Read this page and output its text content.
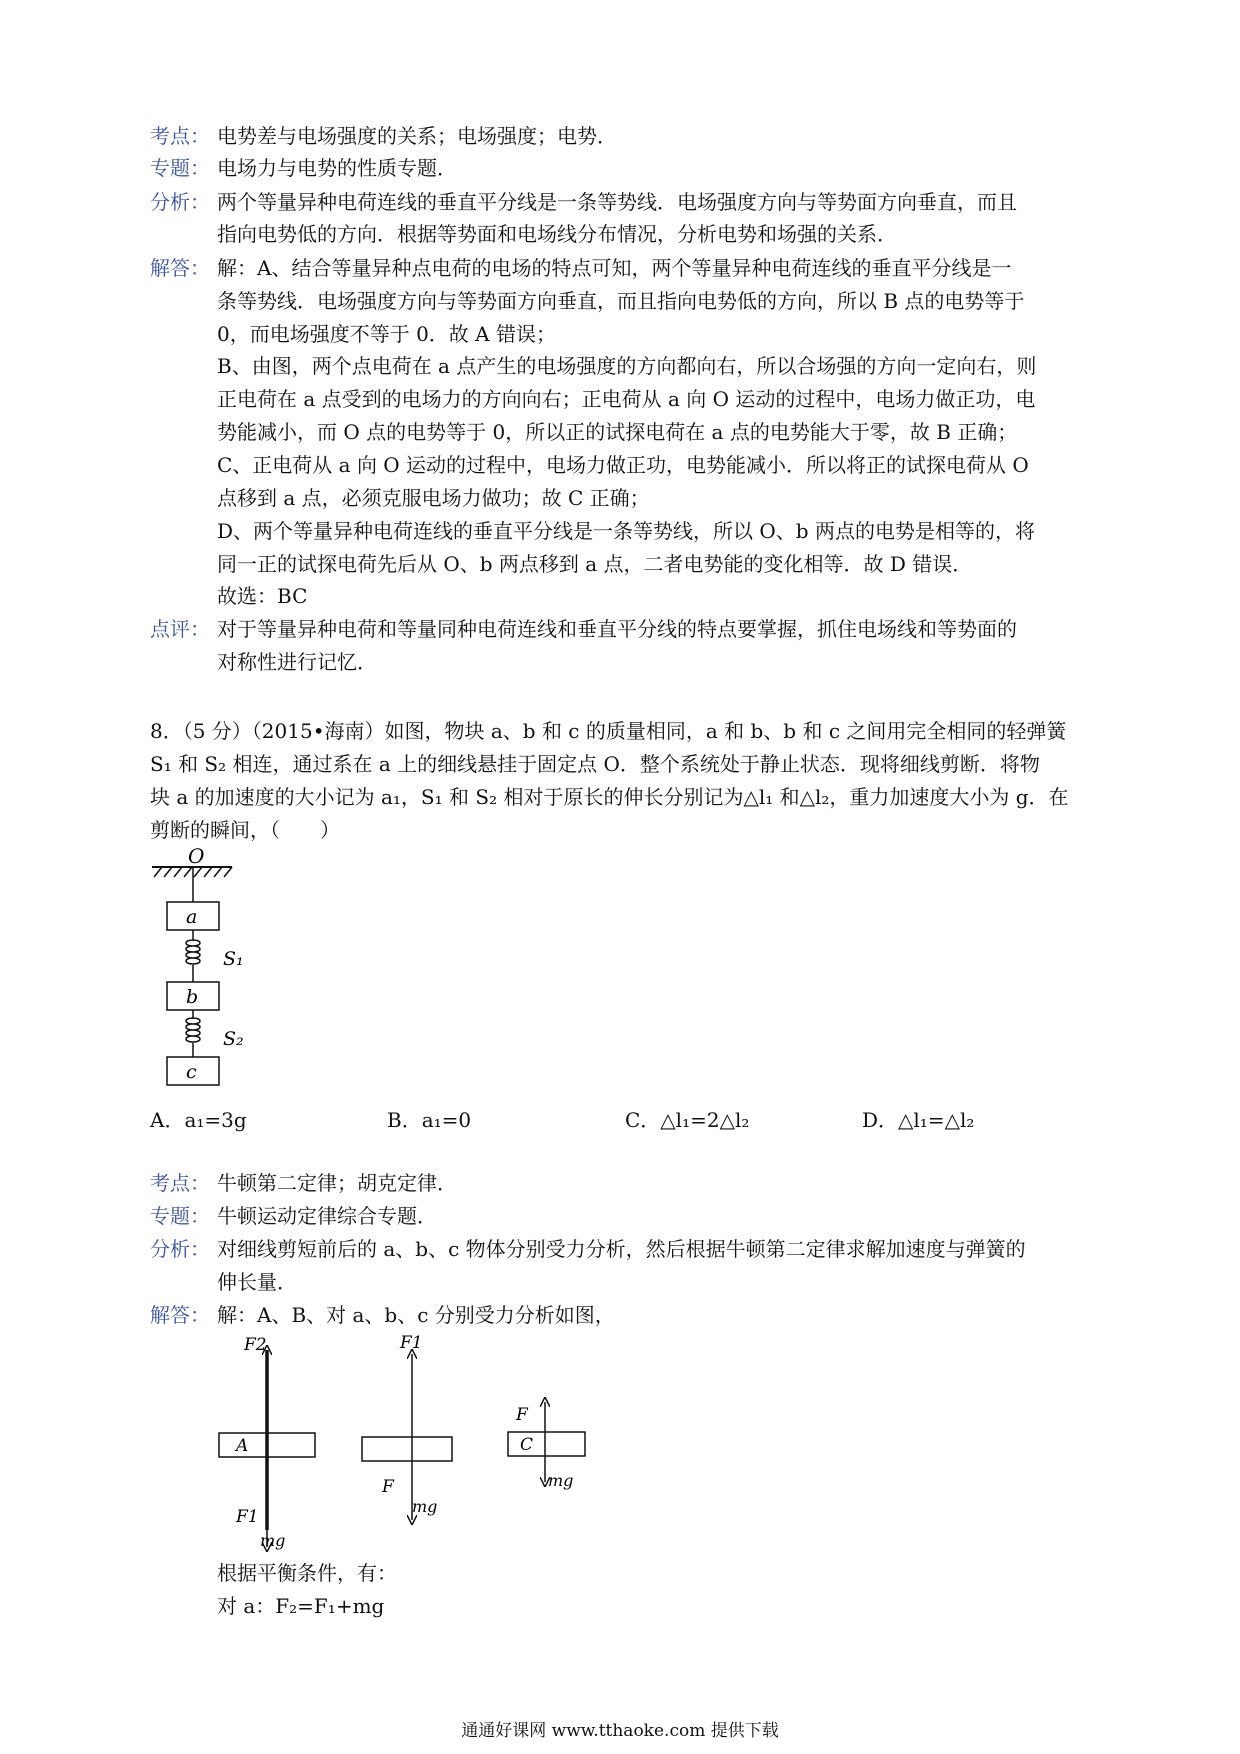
考点： 电势差与电场强度的关系；电场强度；电势．
专题： 电场力与电势的性质专题．
分析： 两个等量异种电荷连线的垂直平分线是一条等势线．电场强度方向与等势面方向垂直，而且
指向电势低的方向．根据等势面和电场线分布情况，分析电势和场强的关系．
解答： 解：A、结合等量异种点电荷的电场的特点可知，两个等量异种电荷连线的垂直平分线是一
条等势线．电场强度方向与等势面方向垂直，而且指向电势低的方向，所以 B 点的电势等于
0，而电场强度不等于 0．故 A 错误；
B、由图，两个点电荷在 a 点产生的电场强度的方向都向右，所以合场强的方向一定向右，则
正电荷在 a 点受到的电场力的方向向右；正电荷从 a 向 O 运动的过程中，电场力做正功，电
势能减小，而 O 点的电势等于 0，所以正的试探电荷在 a 点的电势能大于零，故 B 正确；
C、正电荷从 a 向 O 运动的过程中，电场力做正功，电势能减小．所以将正的试探电荷从 O
点移到 a 点，必须克服电场力做功；故 C 正确；
D、两个等量异种电荷连线的垂直平分线是一条等势线，所以 O、b 两点的电势是相等的，将
同一正的试探电荷先后从 O、b 两点移到 a 点，二者电势能的变化相等．故 D 错误．
故选：BC
点评： 对于等量异种电荷和等量同种电荷连线和垂直平分线的特点要掌握，抓住电场线和等势面的
对称性进行记忆．
8．（5 分）（2015•海南）如图，物块 a、b 和 c 的质量相同，a 和 b、b 和 c 之间用完全相同的轻弹簧
S₁ 和 S₂ 相连，通过系在 a 上的细线悬挂于固定点 O．整个系统处于静止状态．现将细线剪断．将物
块 a 的加速度的大小记为 a₁，S₁ 和 S₂ 相对于原长的伸长分别记为△l₁ 和△l₂，重力加速度大小为 g．在
剪断的瞬间，（　　）
O
a
S₁
b
S₂
c
A．a₁=3g	B．a₁=0	C．△l₁=2△l₂	D．△l₁=△l₂
考点： 牛顿第二定律；胡克定律．
专题： 牛顿运动定律综合专题．
分析： 对细线剪短前后的 a、b、c 物体分别受力分析，然后根据牛顿第二定律求解加速度与弹簧的
伸长量．
解答： 解：A、B、对 a、b、c 分别受力分析如图，
A
F2
F1
mg
F1
F
mg
C
F
mg
根据平衡条件，有：
对 a：F₂=F₁+mg
通通好课网 www.tthaoke.com 提供下载
